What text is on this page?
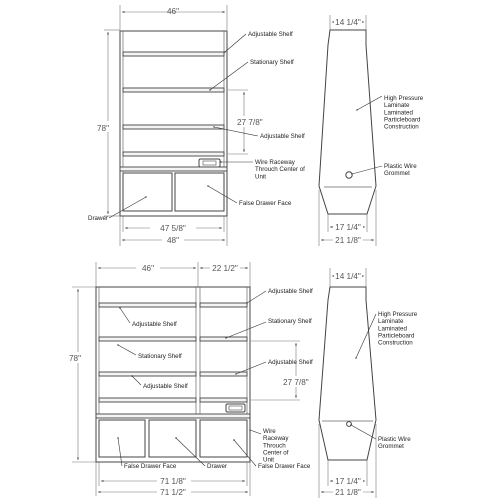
46"
78"
27 7/8"
47 5/8"
48"
Adjustable Shelf
Stationary Shelf
Adjustable Shelf
Wire Raceway Throuch Center of Unit
Drawer
False Drawer Face
14 1/4"
High Pressure Laminate Laminated Particleboard Construction
Plastic Wire Grommet
17 1/4"
21 1/8"
46"	22 1/2"
78"
27 7/8"
71 1/8"
71 1/2"
Adjustable Shelf
Adjustable Shelf	Stationary Shelf
Stationary Shelf
Adjustable Shelf
Adjustable Shelf
Wire Raceway Throuch Center of Unit
False Drawer Face	Drawer	False Drawer Face
14 1/4"
High Pressure Laminate Laminated Particleboard Construction
Plastic Wire Grommet
17 1/4"
21 1/8"
